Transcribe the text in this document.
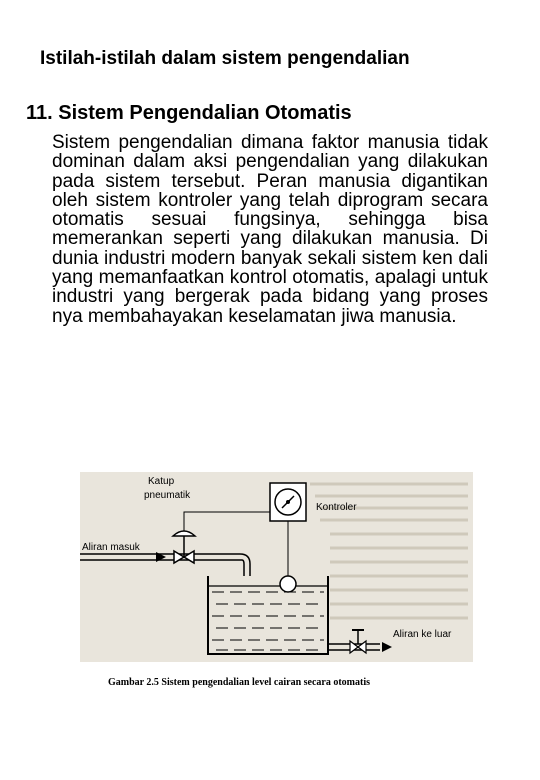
Istilah-istilah dalam sistem pengendalian
11. Sistem Pengendalian Otomatis
Sistem pengendalian dimana faktor manusia tidak dominan dalam aksi pengendalian yang dilakukan pada sistem tersebut. Peran manusia digantikan oleh sistem kontroler yang telah diprogram secara otomatis sesuai fungsinya, sehingga bisa memerankan seperti yang dilakukan manusia. Di dunia industri modern banyak sekali sistem ken dali yang memanfaatkan kontrol otomatis, apalagi untuk industri yang bergerak pada bidang yang proses nya membahayakan keselamatan jiwa manusia.
Katup
pneumatik
Kontroler
Aliran masuk
Aliran ke luar
Gambar 2.5 Sistem pengendalian level cairan secara otomatis
